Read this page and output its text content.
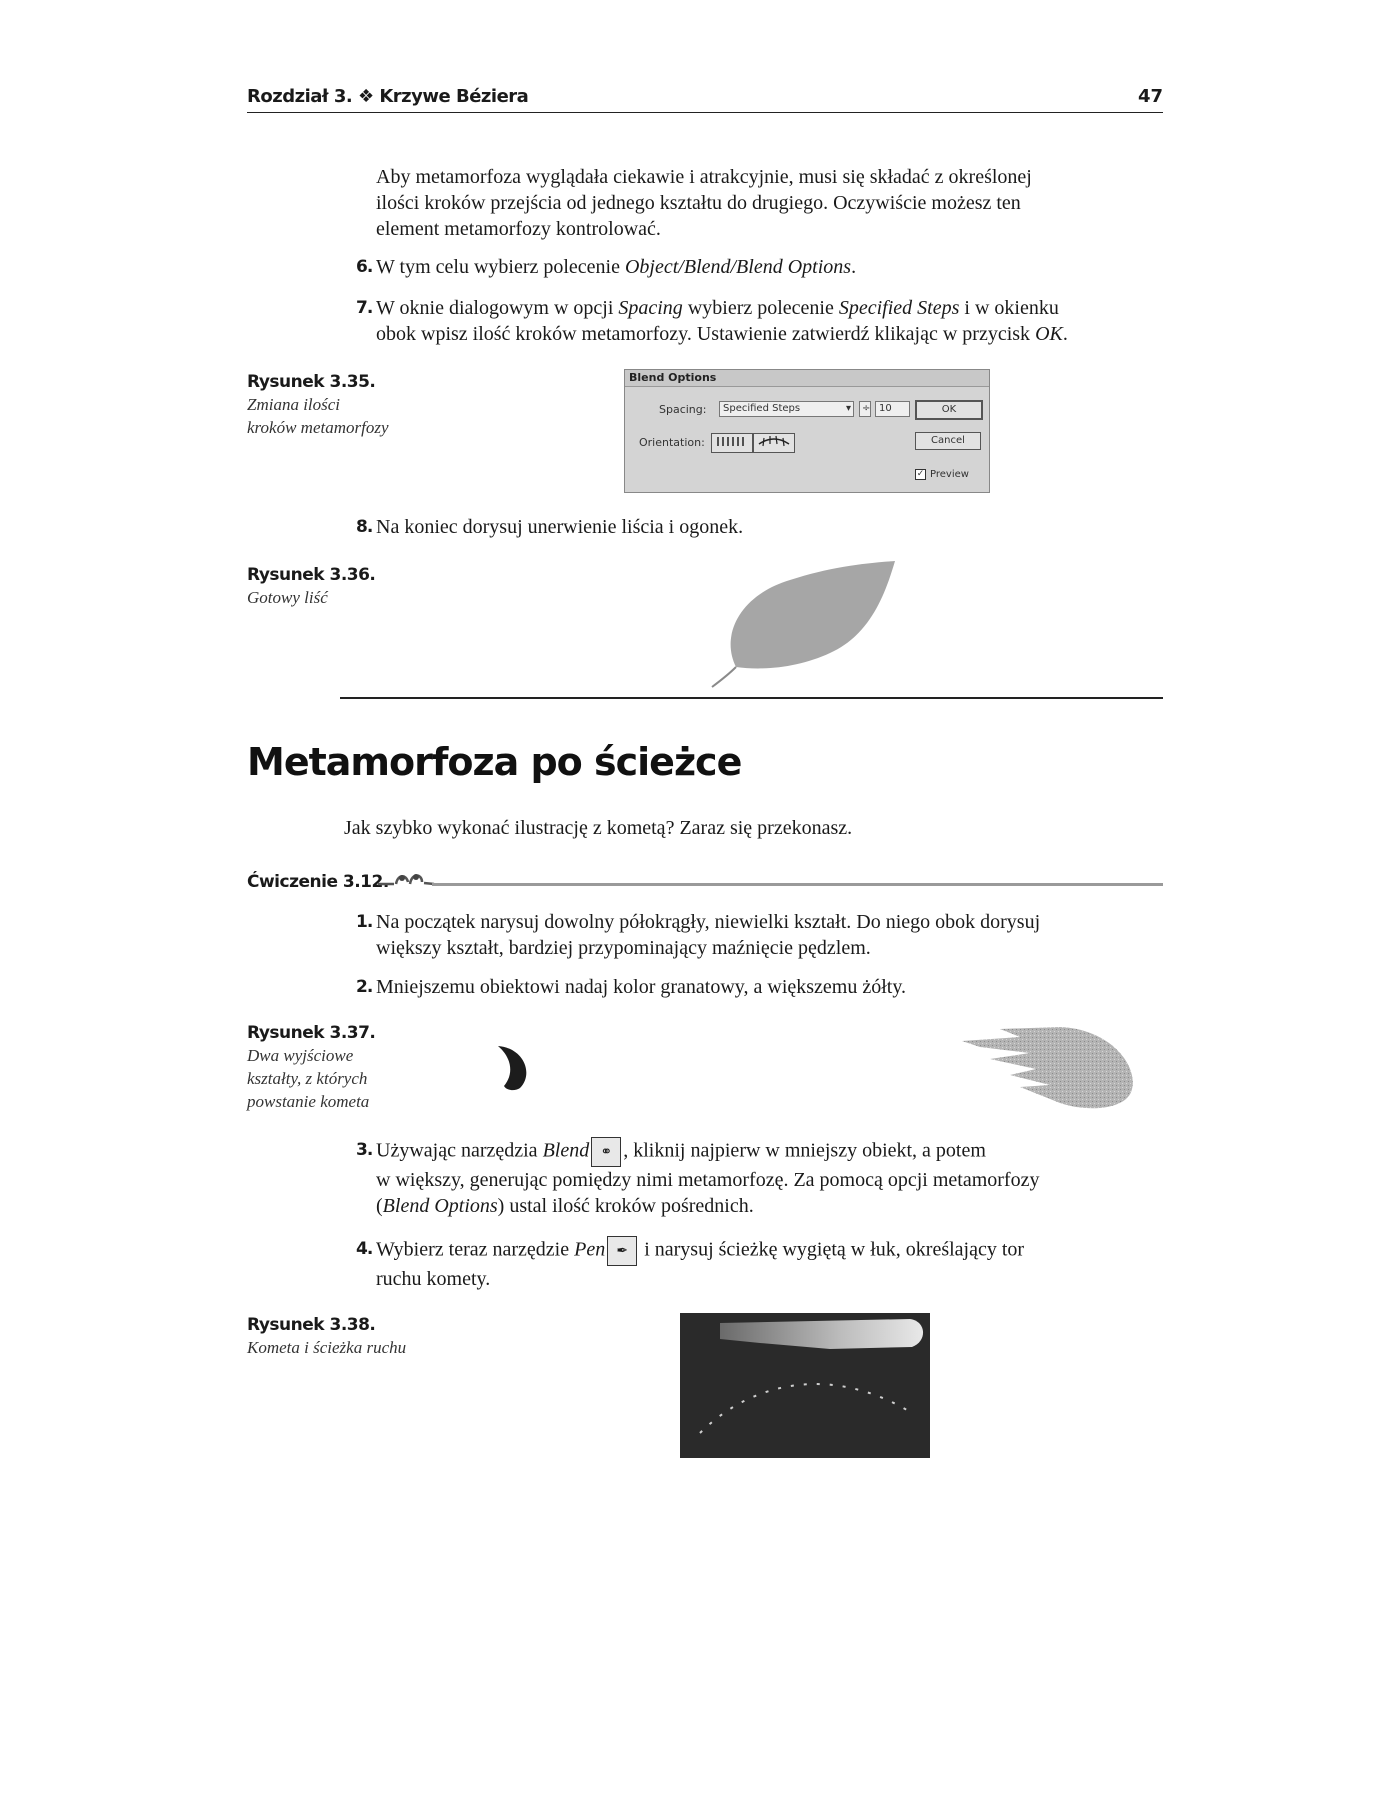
Rozdział 3. ❖ Krzywe Béziera	47
Aby metamorfoza wyglądała ciekawie i atrakcyjnie, musi się składać z określonej
ilości kroków przejścia od jednego kształtu do drugiego. Oczywiście możesz ten
element metamorfozy kontrolować.
6. W tym celu wybierz polecenie Object/Blend/Blend Options.
7. W oknie dialogowym w opcji Spacing wybierz polecenie Specified Steps i w okienku
obok wpisz ilość kroków metamorfozy. Ustawienie zatwierdź klikając w przycisk OK.
Rysunek 3.35.
Zmiana ilości
kroków metamorfozy
Blend Options
Spacing:	Specified Steps	▾	÷ 10	OK
Cancel
Orientation:
✓ Preview
8. Na koniec dorysuj unerwienie liścia i ogonek.
Rysunek 3.36.
Gotowy liść
Metamorfoza po ścieżce
Jak szybko wykonać ilustrację z kometą? Zaraz się przekonasz.
Ćwiczenie 3.12.
1. Na początek narysuj dowolny półokrągły, niewielki kształt. Do niego obok dorysuj
większy kształt, bardziej przypominający maźnięcie pędzlem.
2. Mniejszemu obiektowi nadaj kolor granatowy, a większemu żółty.
Rysunek 3.37.
Dwa wyjściowe
kształty, z których
powstanie kometa
3. Używając narzędzia Blend ⚭ , kliknij najpierw w mniejszy obiekt, a potem
w większy, generując pomiędzy nimi metamorfozę. Za pomocą opcji metamorfozy
(Blend Options) ustal ilość kroków pośrednich.
4. Wybierz teraz narzędzie Pen ✒ i narysuj ścieżkę wygiętą w łuk, określający tor
ruchu komety.
Rysunek 3.38.
Kometa i ścieżka ruchu
